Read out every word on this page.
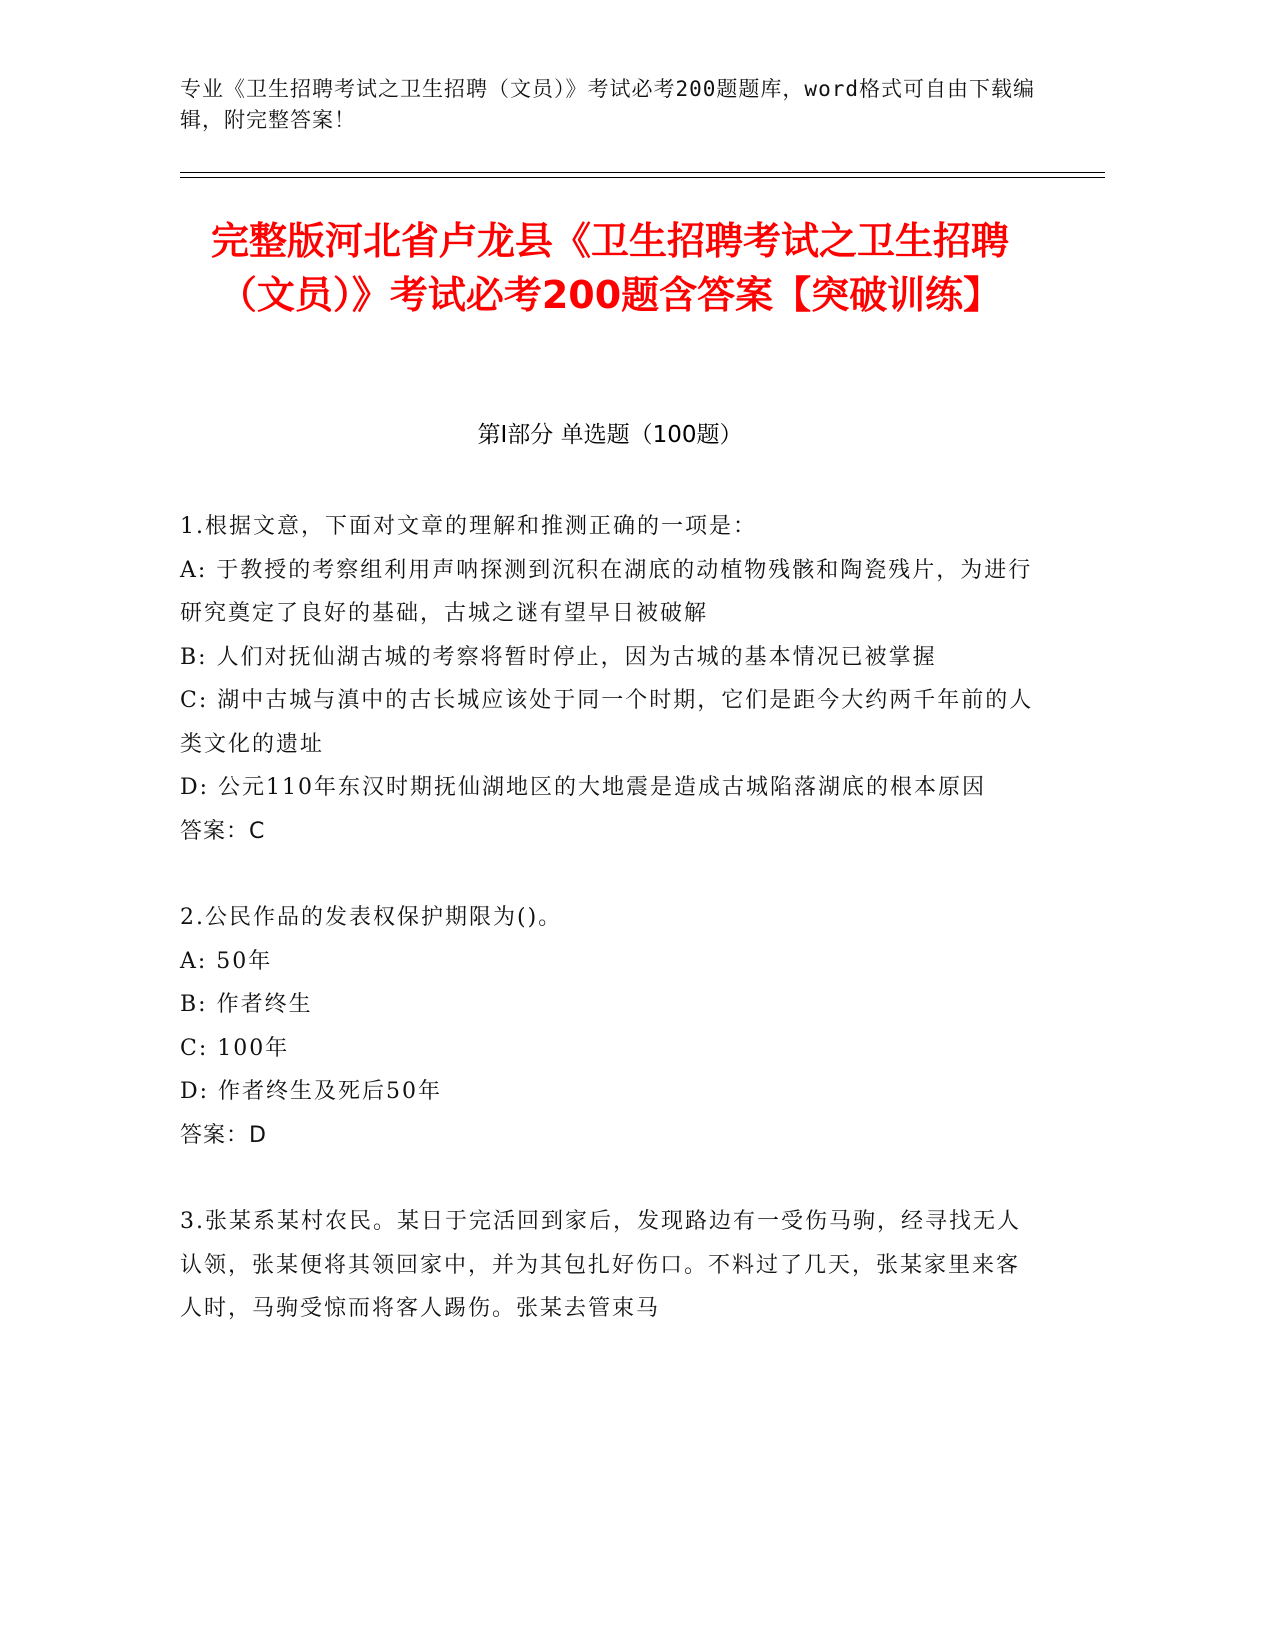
专业《卫生招聘考试之卫生招聘（文员）》考试必考200题题库，word格式可自由下载编辑，附完整答案！
完整版河北省卢龙县《卫生招聘考试之卫生招聘（文员）》考试必考200题含答案【突破训练】
第I部分 单选题（100题）
1.根据文意，下面对文章的理解和推测正确的一项是：
A: 于教授的考察组利用声呐探测到沉积在湖底的动植物残骸和陶瓷残片，为进行研究奠定了良好的基础，古城之谜有望早日被破解
B: 人们对抚仙湖古城的考察将暂时停止，因为古城的基本情况已被掌握
C: 湖中古城与滇中的古长城应该处于同一个时期，它们是距今大约两千年前的人类文化的遗址
D: 公元110年东汉时期抚仙湖地区的大地震是造成古城陷落湖底的根本原因
答案：C
2.公民作品的发表权保护期限为()。
A: 50年
B: 作者终生
C: 100年
D: 作者终生及死后50年
答案：D
3.张某系某村农民。某日于完活回到家后，发现路边有一受伤马驹，经寻找无人认领，张某便将其领回家中，并为其包扎好伤口。不料过了几天，张某家里来客人时，马驹受惊而将客人踢伤。张某去管束马
